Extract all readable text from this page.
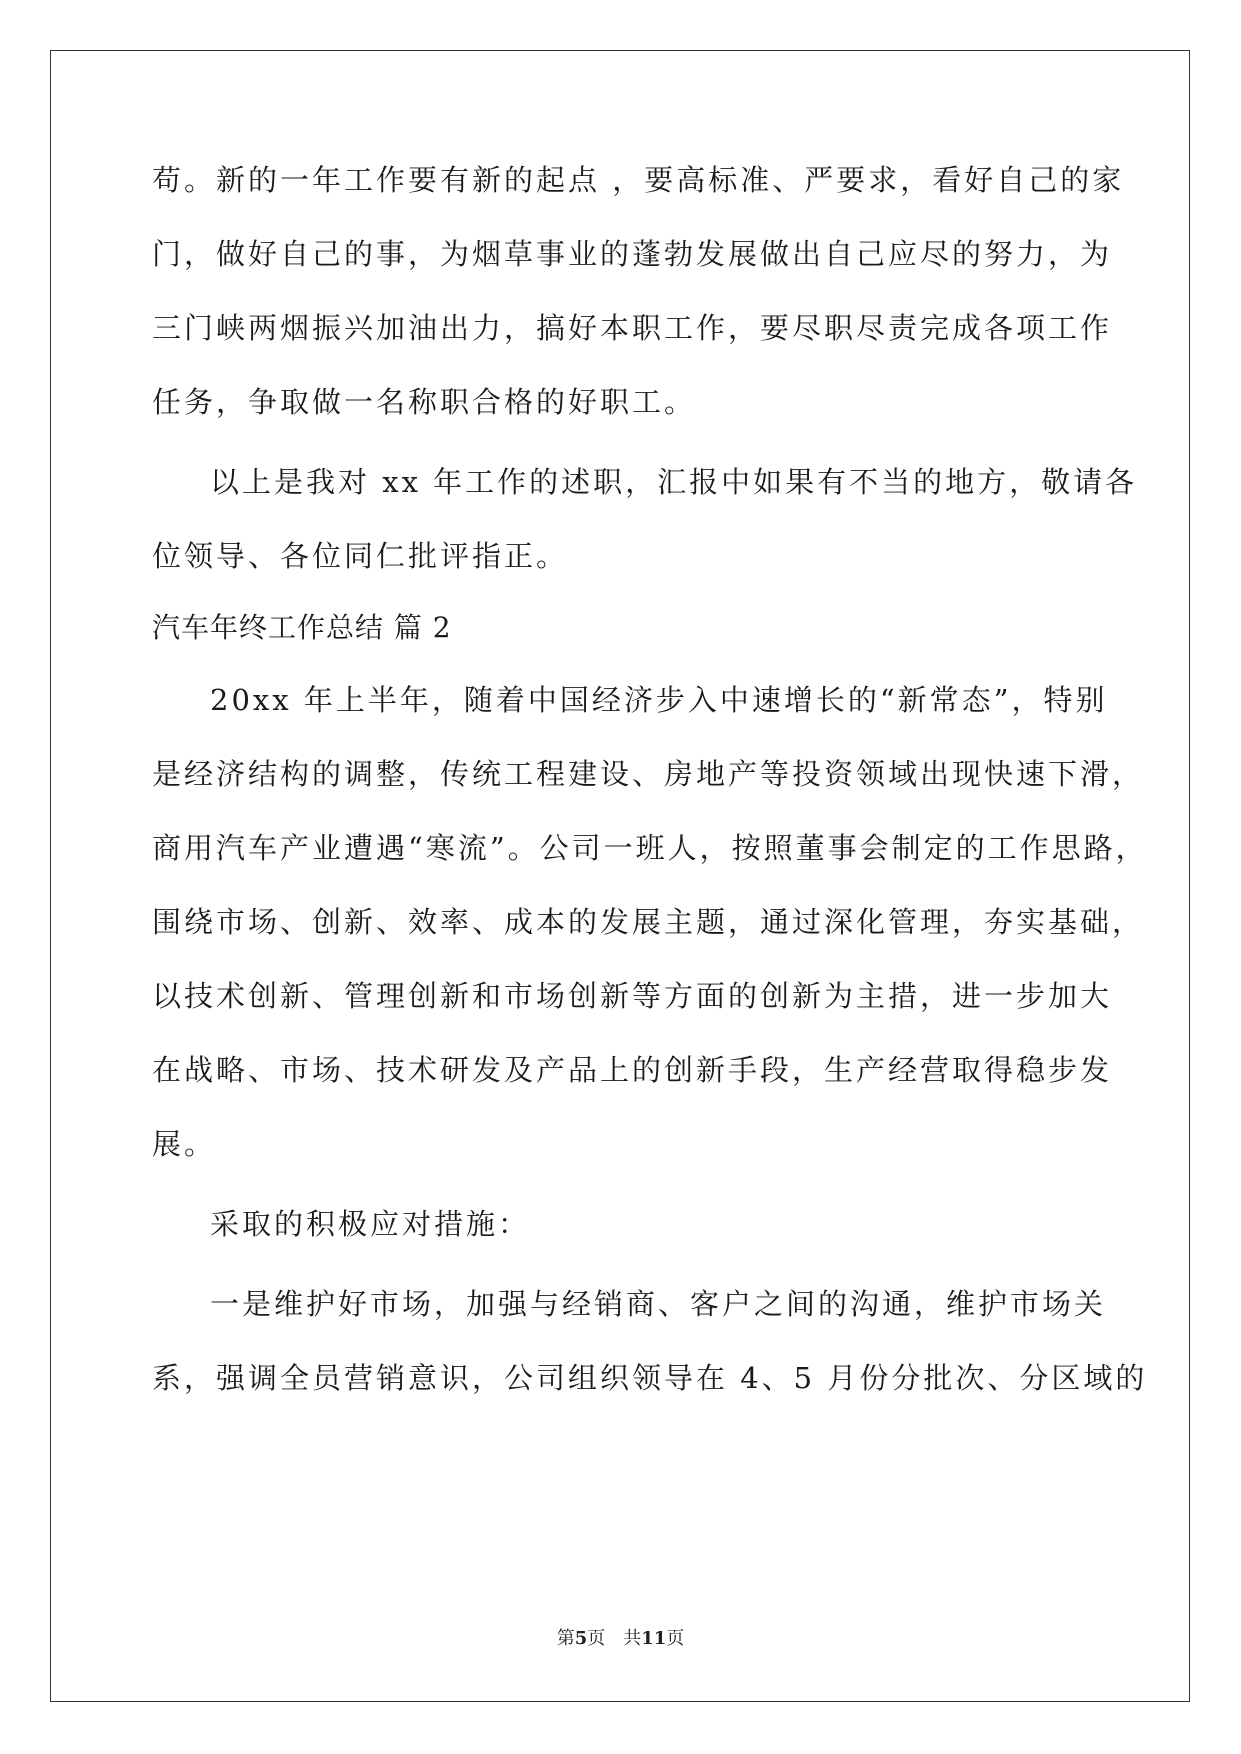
苟。新的一年工作要有新的起点 ，要高标准、严要求，看好自己的家
门，做好自己的事，为烟草事业的蓬勃发展做出自己应尽的努力，为
三门峡两烟振兴加油出力，搞好本职工作，要尽职尽责完成各项工作
任务，争取做一名称职合格的好职工。
以上是我对 xx 年工作的述职，汇报中如果有不当的地方，敬请各
位领导、各位同仁批评指正。
汽车年终工作总结 篇 2
20xx 年上半年，随着中国经济步入中速增长的“新常态”，特别
是经济结构的调整，传统工程建设、房地产等投资领域出现快速下滑，
商用汽车产业遭遇“寒流”。公司一班人，按照董事会制定的工作思路，
围绕市场、创新、效率、成本的发展主题，通过深化管理，夯实基础，
以技术创新、管理创新和市场创新等方面的创新为主措，进一步加大
在战略、市场、技术研发及产品上的创新手段，生产经营取得稳步发
展。
采取的积极应对措施：
一是维护好市场，加强与经销商、客户之间的沟通，维护市场关
系，强调全员营销意识，公司组织领导在 4、5 月份分批次、分区域的
第5页 共11页
